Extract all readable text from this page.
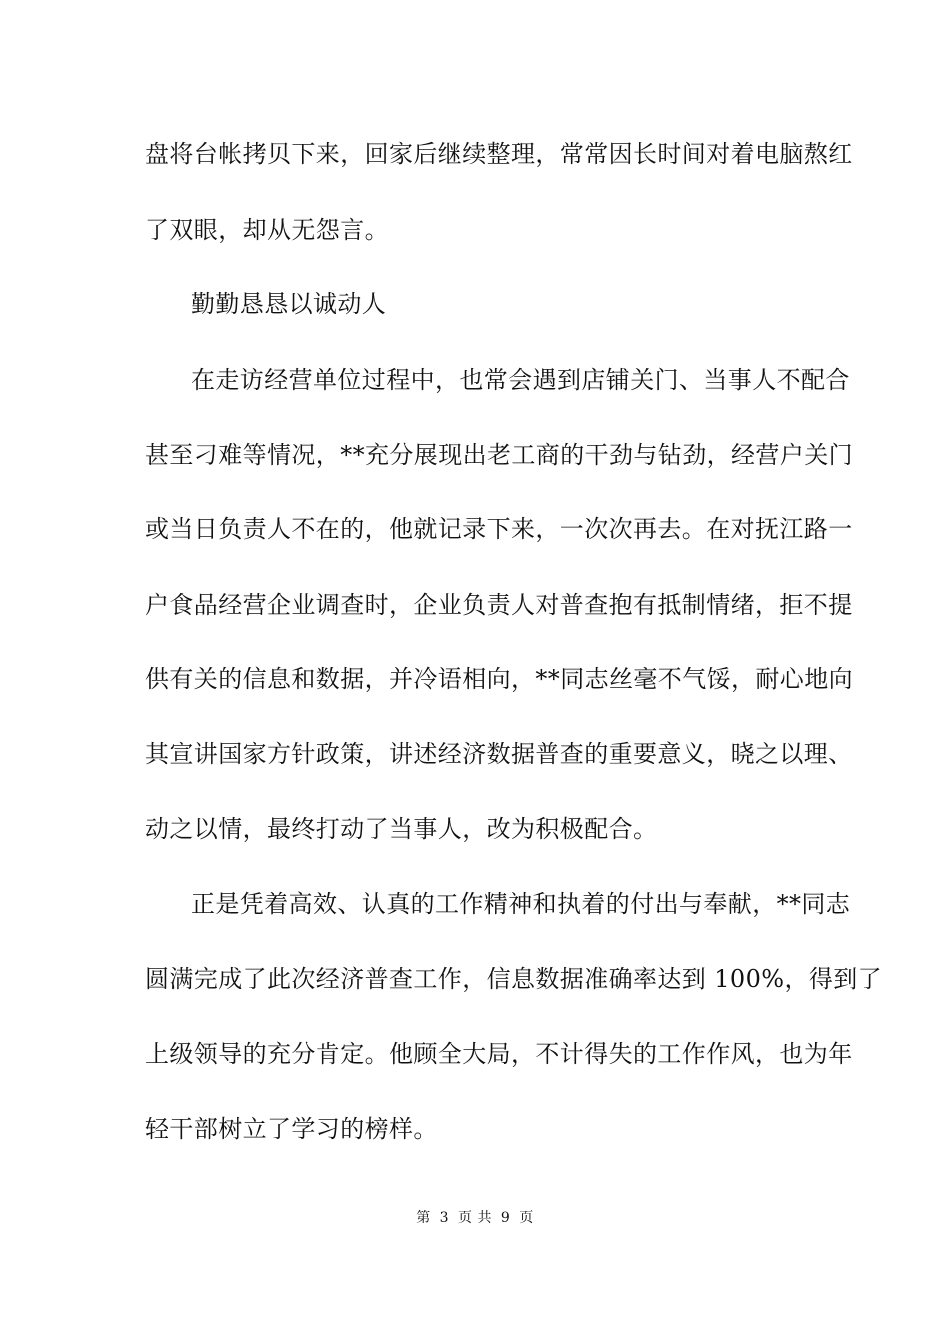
盘将台帐拷贝下来，回家后继续整理，常常因长时间对着电脑熬红
了双眼，却从无怨言。
勤勤恳恳以诚动人
在走访经营单位过程中，也常会遇到店铺关门、当事人不配合
甚至刁难等情况，**充分展现出老工商的干劲与钻劲，经营户关门
或当日负责人不在的，他就记录下来，一次次再去。在对抚江路一
户食品经营企业调查时，企业负责人对普查抱有抵制情绪，拒不提
供有关的信息和数据，并冷语相向，**同志丝毫不气馁，耐心地向
其宣讲国家方针政策，讲述经济数据普查的重要意义，晓之以理、
动之以情，最终打动了当事人，改为积极配合。
正是凭着高效、认真的工作精神和执着的付出与奉献，**同志
圆满完成了此次经济普查工作，信息数据准确率达到 100%，得到了
上级领导的充分肯定。他顾全大局，不计得失的工作作风，也为年
轻干部树立了学习的榜样。
第 3 页 共 9 页
